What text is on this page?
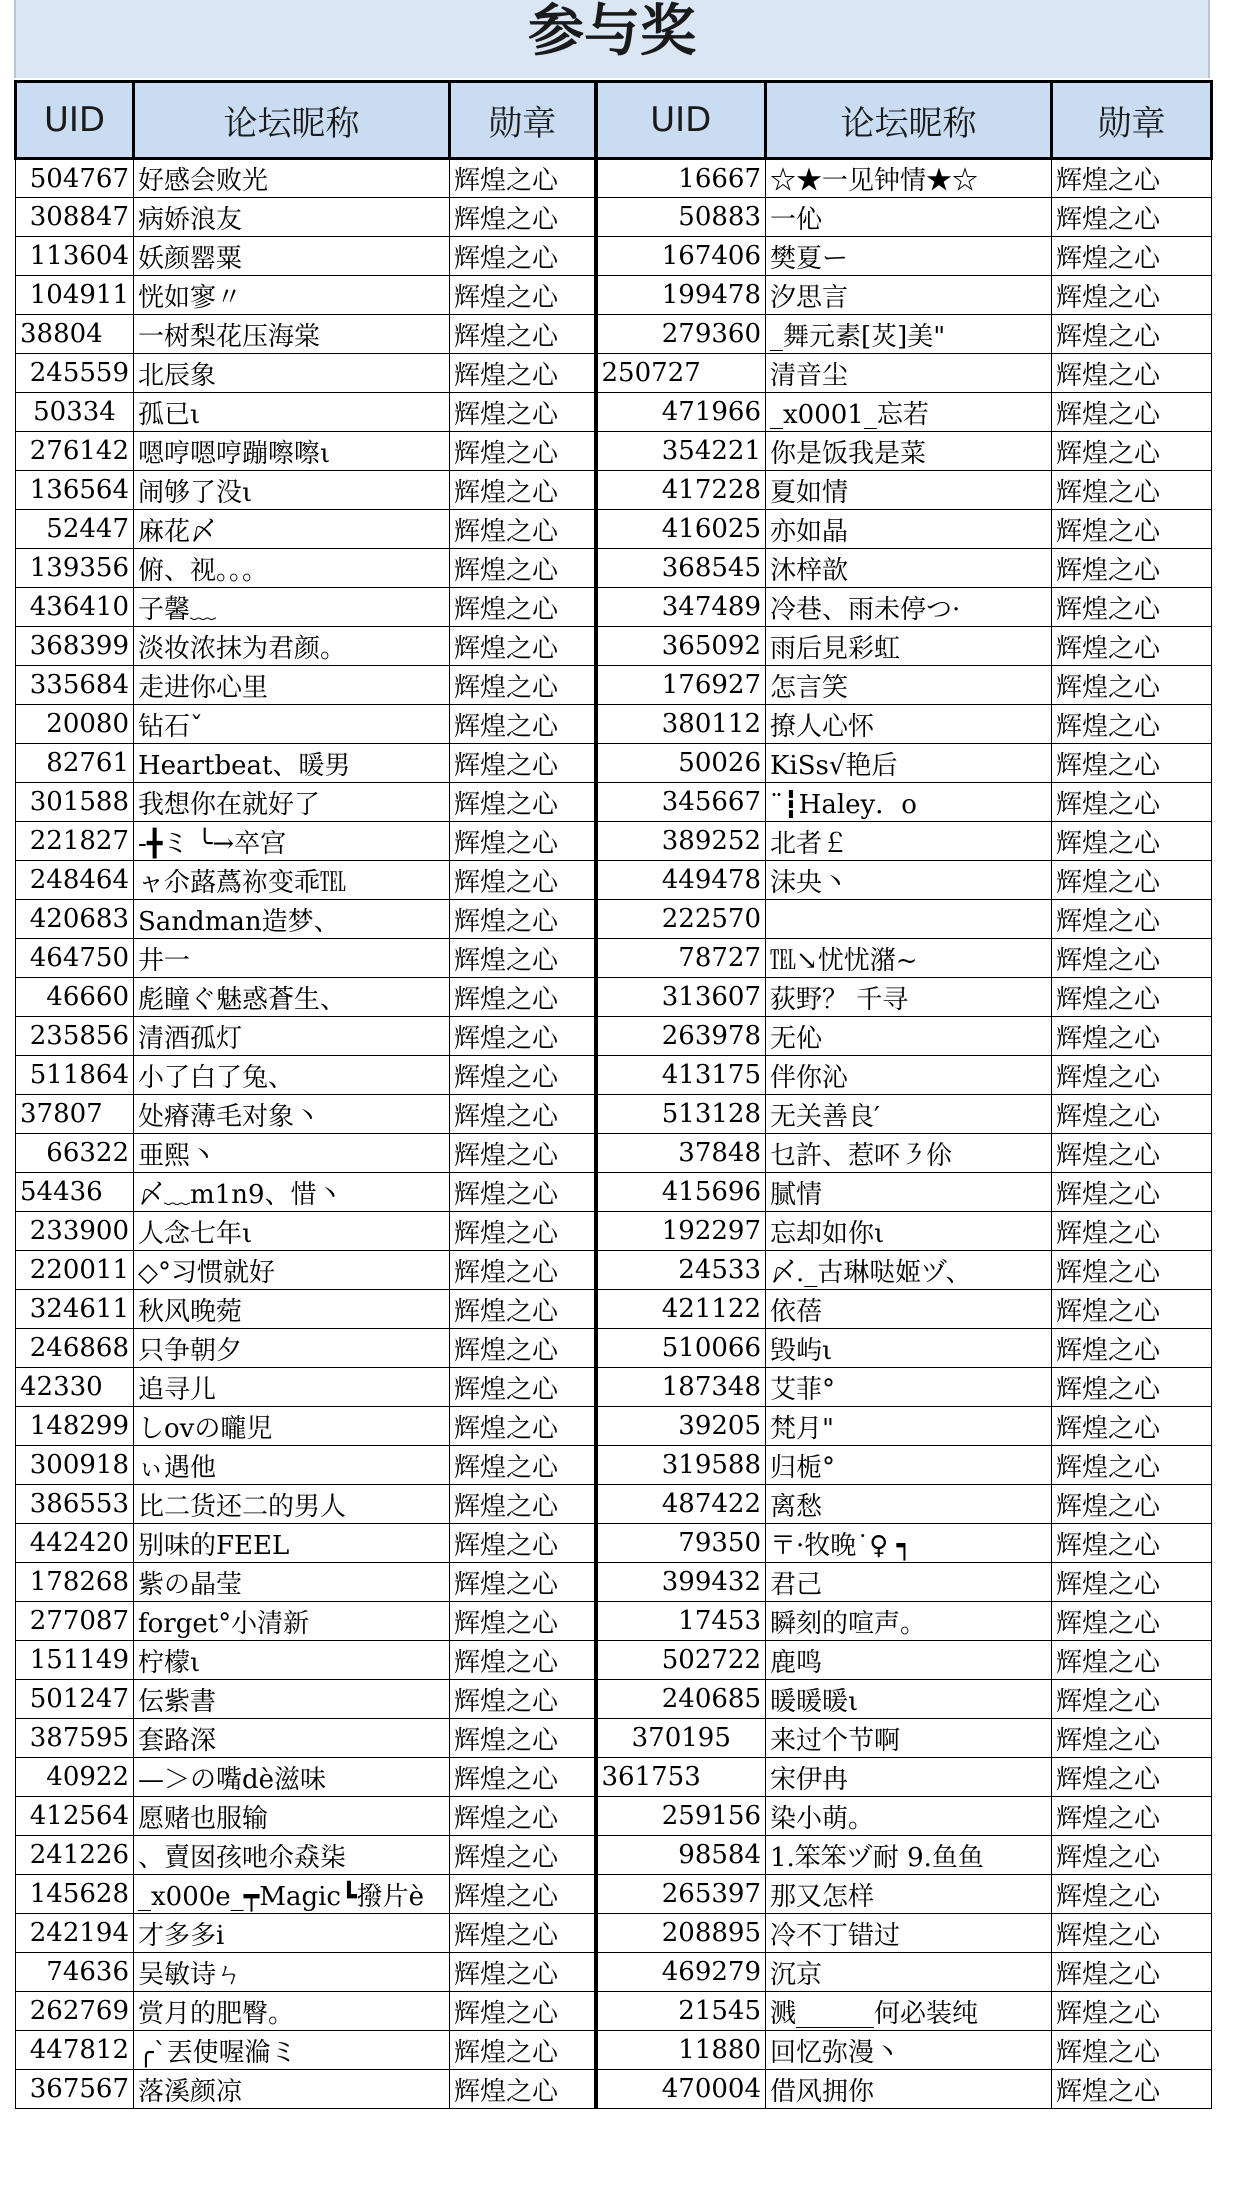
参与奖
UID	论坛昵称	勋章	UID	论坛昵称	勋章
504767	好感会败光	辉煌之心	16667	☆★一见钟情★☆	辉煌之心
308847	病娇浪友	辉煌之心	50883	一伈	辉煌之心
113604	妖颜罂粟	辉煌之心	167406	樊夏ー	辉煌之心
104911	恍如寥〃	辉煌之心	199478	汐思言	辉煌之心
38804	一树梨花压海棠	辉煌之心	279360	_舞元素[炗]美"	辉煌之心
245559	北辰象	辉煌之心	250727	清音尘	辉煌之心
50334	孤已ι	辉煌之心	471966	_x0001_忘若	辉煌之心
276142	嗯哼嗯哼蹦嚓嚓ι	辉煌之心	354221	你是饭我是菜	辉煌之心
136564	闹够了没ι	辉煌之心	417228	夏如情	辉煌之心
52447	麻花〆	辉煌之心	416025	亦如晶	辉煌之心
139356	俯、视。。。	辉煌之心	368545	沐梓歆	辉煌之心
436410	子馨﹏	辉煌之心	347489	冷巷、雨未停つ·	辉煌之心
368399	淡妆浓抹为君颜。	辉煌之心	365092	雨后見彩虹	辉煌之心
335684	走进你心里	辉煌之心	176927	怎言笑	辉煌之心
20080	钻石ˇ	辉煌之心	380112	撩人心怀	辉煌之心
82761	Heartbeat、暖男	辉煌之心	50026	KiSs√艳后	辉煌之心
301588	我想你在就好了	辉煌之心	345667	¨┇Haley．ο	辉煌之心
221827	-╋ミ ╰→卒宫	辉煌之心	389252	北者￡	辉煌之心
248464	ャ尒蕗蔿祢变乖℡	辉煌之心	449478	沫央丶	辉煌之心
420683	Sandman造梦、	辉煌之心	222570		辉煌之心
464750	井一	辉煌之心	78727	℡↘忧忧潴~	辉煌之心
46660	彪瞳ぐ魅惑蒼生、	辉煌之心	313607	荻野？ 千寻	辉煌之心
235856	清酒孤灯	辉煌之心	263978	无伈	辉煌之心
511864	小了白了兔、	辉煌之心	413175	伴你沁	辉煌之心
37807	处瘠薄毛对象丶	辉煌之心	513128	无关善良′	辉煌之心
66322	亜熙丶	辉煌之心	37848	乜許、惹吥㇋伱	辉煌之心
54436	〆﹏m1n9、惜丶	辉煌之心	415696	腻情	辉煌之心
233900	人念七年ι	辉煌之心	192297	忘却如你ι	辉煌之心
220011	◇°习惯就好	辉煌之心	24533	〆._古琳哒姬ヅ、	辉煌之心
324611	秋风晚菀	辉煌之心	421122	依蓓	辉煌之心
246868	只争朝夕	辉煌之心	510066	毁屿ι	辉煌之心
42330	追寻儿	辉煌之心	187348	艾菲°	辉煌之心
148299	しovの曨児	辉煌之心	39205	梵月"	辉煌之心
300918	ぃ遇他	辉煌之心	319588	归栀°	辉煌之心
386553	比二货还二的男人	辉煌之心	487422	离愁	辉煌之心
442420	别味的FEEL	辉煌之心	79350	〒·牧晚˙♀ ┑	辉煌之心
178268	紫の晶莹	辉煌之心	399432	君己	辉煌之心
277087	forget°小清新	辉煌之心	17453	瞬刻的喧声。	辉煌之心
151149	柠檬ι	辉煌之心	502722	鹿鸣	辉煌之心
501247	伝紫書	辉煌之心	240685	暖暖暖ι	辉煌之心
387595	套路深	辉煌之心	370195	来过个节啊	辉煌之心
40922	—＞の嘴dè滋味	辉煌之心	361753	宋伊冉	辉煌之心
412564	愿赌也服输	辉煌之心	259156	染小萌。	辉煌之心
241226	、賣囡孩吔尒猋柒	辉煌之心	98584	1.笨笨ヅ耐 9.鱼鱼	辉煌之心
145628	_x000e_┯Magic┗撥片è	辉煌之心	265397	那又怎样	辉煌之心
242194	才多多i	辉煌之心	208895	冷不丁错过	辉煌之心
74636	吴敏诗ㄣ	辉煌之心	469279	沉京	辉煌之心
262769	赏月的肥臀。	辉煌之心	21545	溅______何必装纯	辉煌之心
447812	╭`丟使喔溣ミ	辉煌之心	11880	回忆弥漫丶	辉煌之心
367567	落溪颜凉	辉煌之心	470004	借风拥你	辉煌之心
